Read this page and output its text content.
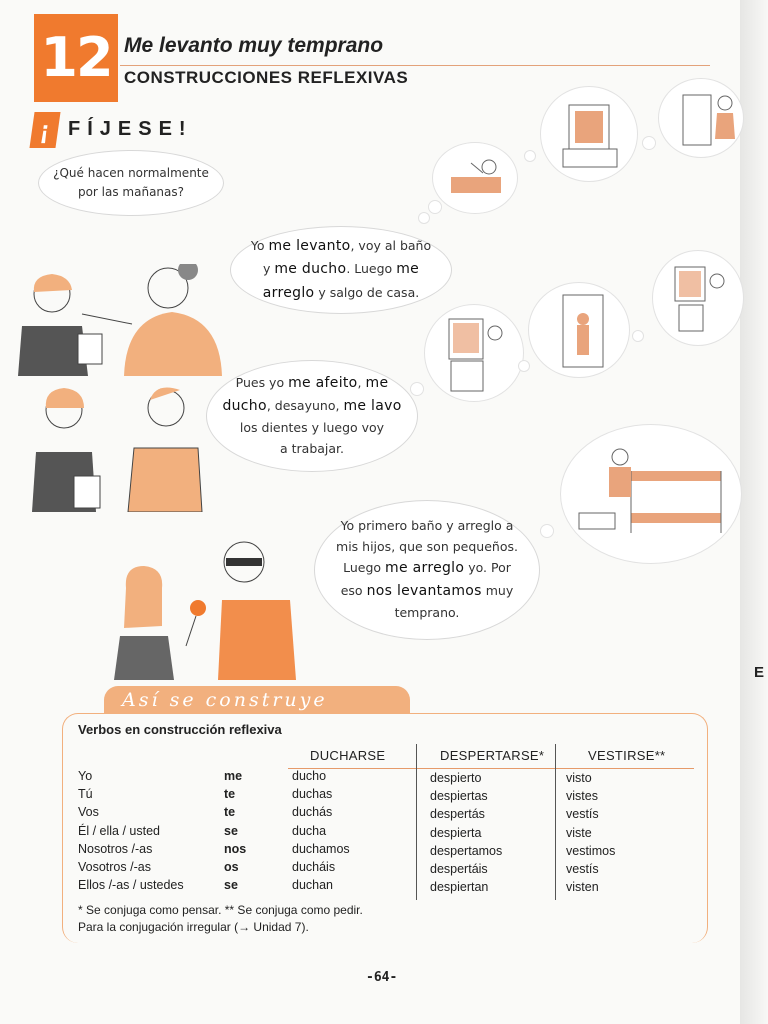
12 Me levanto muy temprano
CONSTRUCCIONES REFLEXIVAS
¡ FÍJESE!
¿Qué hacen normalmente
por las mañanas?
Yo me levanto, voy al baño
y me ducho. Luego me
arreglo y salgo de casa.
Pues yo me afeito, me
ducho, desayuno, me lavo
los dientes y luego voy
a trabajar.
Yo primero baño y arreglo a
mis hijos, que son pequeños.
Luego me arreglo yo. Por
eso nos levantamos muy
temprano.
Así se construye
Verbos en construcción reflexiva
DUCHARSE	DESPERTARSE*	VESTIRSE**
Yo
Tú
Vos
Él / ella / usted
Nosotros /-as
Vosotros /-as
Ellos /-as / ustedes
me
te
te
se
nos
os
se
ducho
duchas
duchás
ducha
duchamos
ducháis
duchan
despierto
despiertas
despertás
despierta
despertamos
despertáis
despiertan
visto
vistes
vestís
viste
vestimos
vestís
visten
* Se conjuga como pensar. ** Se conjuga como pedir.
Para la conjugación irregular (→ Unidad 7).
-64-
E
